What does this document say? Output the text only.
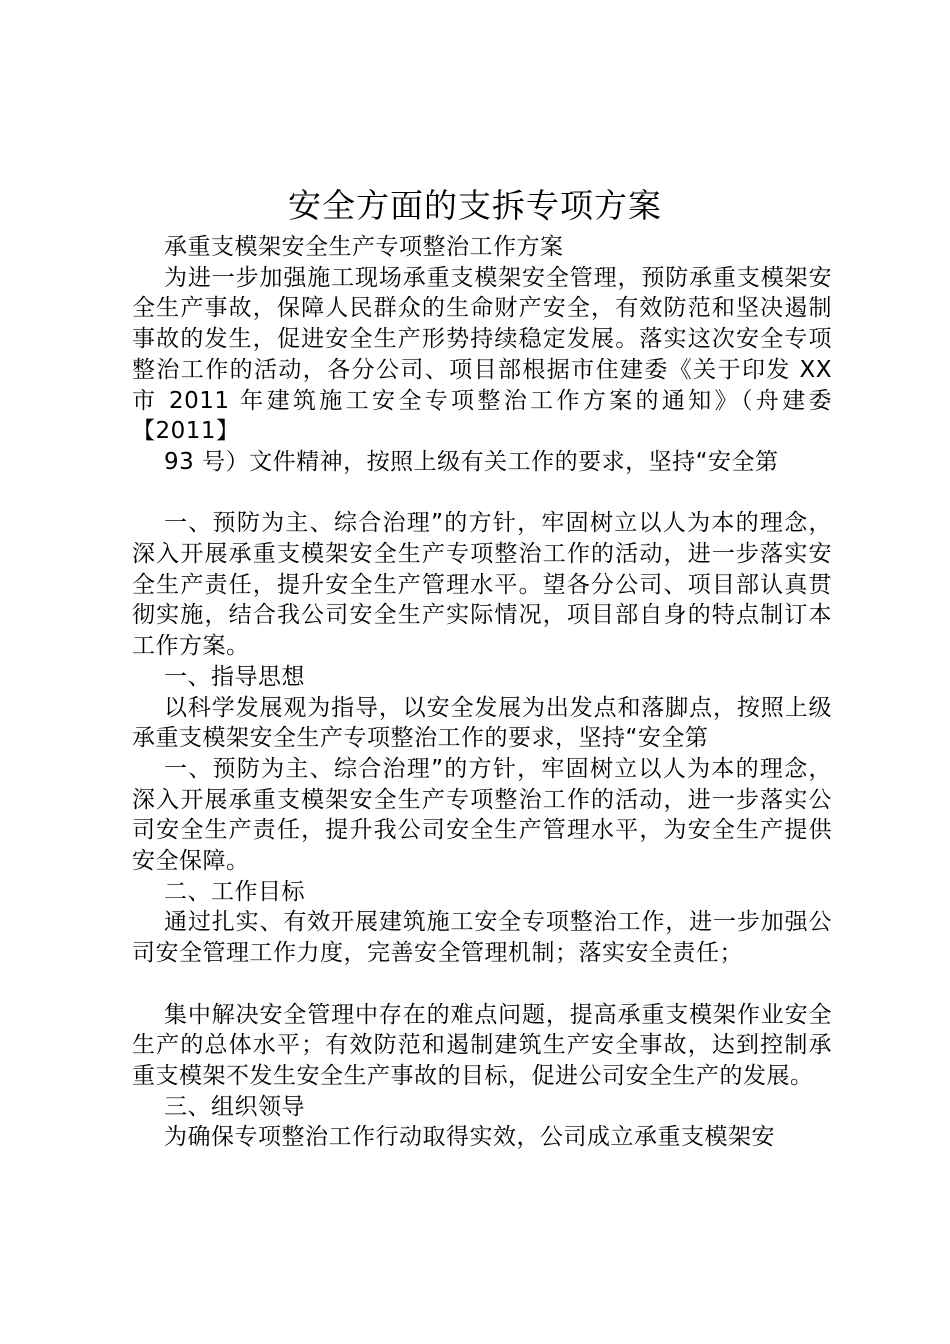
安全方面的支拆专项方案

承重支模架安全生产专项整治工作方案

为进一步加强施工现场承重支模架安全管理，预防承重支模架安全生产事故，保障人民群众的生命财产安全，有效防范和坚决遏制事故的发生，促进安全生产形势持续稳定发展。落实这次安全专项整治工作的活动，各分公司、项目部根据市住建委《关于印发 XX 市 2011 年建筑施工安全专项整治工作方案的通知》（舟建委【2011】

93 号）文件精神，按照上级有关工作的要求，坚持“安全第

一、预防为主、综合治理”的方针，牢固树立以人为本的理念，深入开展承重支模架安全生产专项整治工作的活动，进一步落实安全生产责任，提升安全生产管理水平。望各分公司、项目部认真贯彻实施，结合我公司安全生产实际情况，项目部自身的特点制订本工作方案。

一、指导思想

以科学发展观为指导，以安全发展为出发点和落脚点，按照上级承重支模架安全生产专项整治工作的要求，坚持“安全第

一、预防为主、综合治理”的方针，牢固树立以人为本的理念，深入开展承重支模架安全生产专项整治工作的活动，进一步落实公司安全生产责任，提升我公司安全生产管理水平，为安全生产提供安全保障。

二、工作目标

通过扎实、有效开展建筑施工安全专项整治工作，进一步加强公司安全管理工作力度，完善安全管理机制；落实安全责任；

集中解决安全管理中存在的难点问题，提高承重支模架作业安全生产的总体水平；有效防范和遏制建筑生产安全事故，达到控制承重支模架不发生安全生产事故的目标，促进公司安全生产的发展。

三、组织领导

为确保专项整治工作行动取得实效，公司成立承重支模架安
